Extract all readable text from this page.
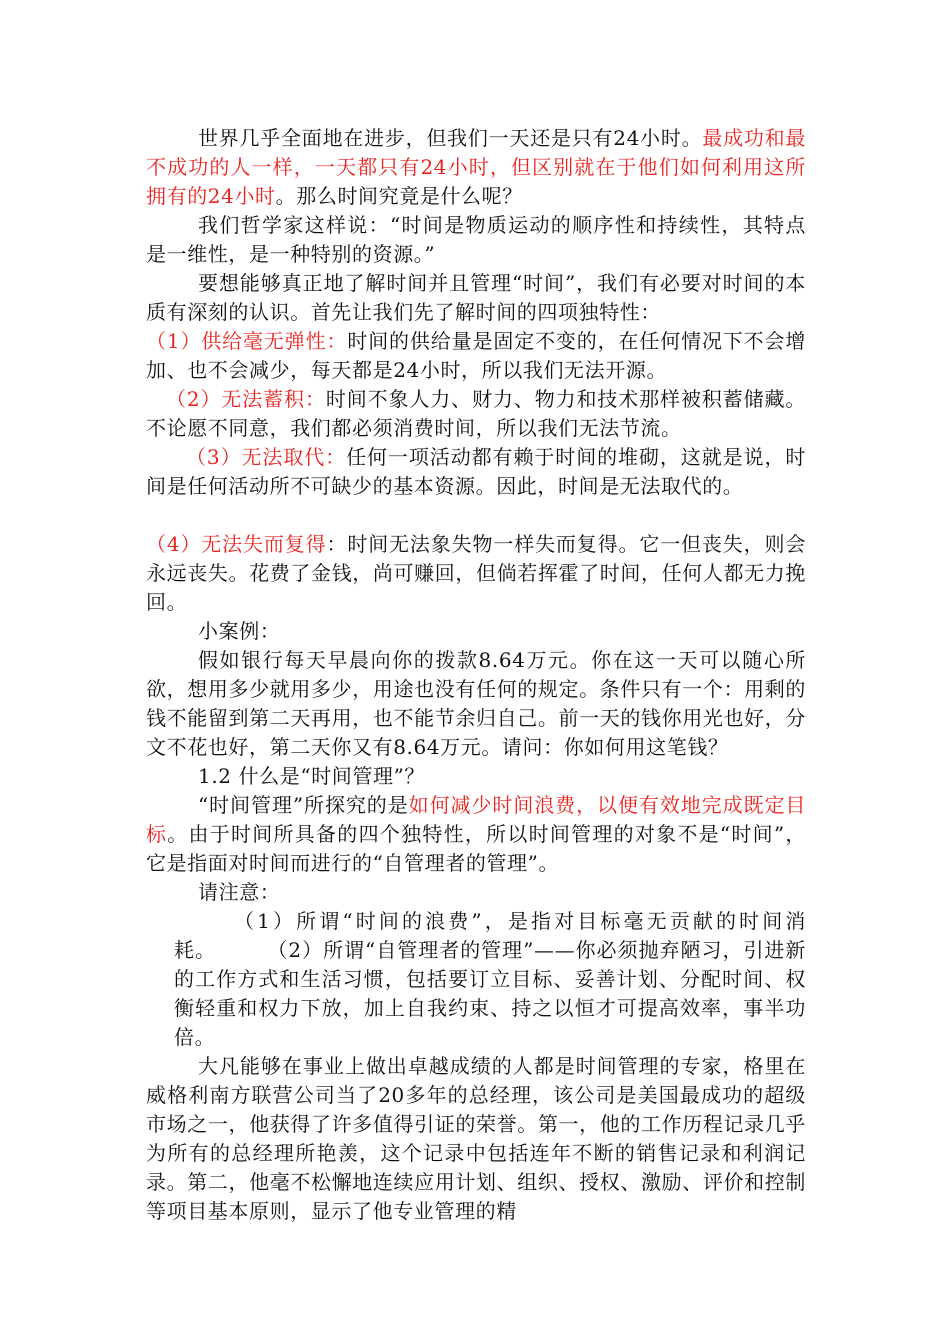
世界几乎全面地在进步，但我们一天还是只有24小时。最成功和最不成功的人一样，一天都只有24小时，但区别就在于他们如何利用这所拥有的24小时。那么时间究竟是什么呢？

我们哲学家这样说：“时间是物质运动的顺序性和持续性，其特点是一维性，是一种特别的资源。”

要想能够真正地了解时间并且管理“时间”，我们有必要对时间的本质有深刻的认识。首先让我们先了解时间的四项独特性：

（1）供给毫无弹性：时间的供给量是固定不变的，在任何情况下不会增加、也不会减少，每天都是24小时，所以我们无法开源。

（2）无法蓄积：时间不象人力、财力、物力和技术那样被积蓄储藏。不论愿不同意，我们都必须消费时间，所以我们无法节流。

（3）无法取代：任何一项活动都有赖于时间的堆砌，这就是说，时间是任何活动所不可缺少的基本资源。因此，时间是无法取代的。

（4）无法失而复得：时间无法象失物一样失而复得。它一但丧失，则会永远丧失。花费了金钱，尚可赚回，但倘若挥霍了时间，任何人都无力挽回。

小案例：

假如银行每天早晨向你的拨款8.64万元。你在这一天可以随心所欲，想用多少就用多少，用途也没有任何的规定。条件只有一个：用剩的钱不能留到第二天再用，也不能节余归自己。前一天的钱你用光也好，分文不花也好，第二天你又有8.64万元。请问：你如何用这笔钱？

1.2 什么是“时间管理”？

“时间管理”所探究的是如何减少时间浪费，以便有效地完成既定目标。由于时间所具备的四个独特性，所以时间管理的对象不是“时间”，它是指面对时间而进行的“自管理者的管理”。

请注意：

（1）所谓“时间的浪费”，是指对目标毫无贡献的时间消耗。	（2）所谓“自管理者的管理”——你必须抛弃陋习，引进新的工作方式和生活习惯，包括要订立目标、妥善计划、分配时间、权衡轻重和权力下放，加上自我约束、持之以恒才可提高效率，事半功倍。

大凡能够在事业上做出卓越成绩的人都是时间管理的专家，格里在威格利南方联营公司当了20多年的总经理，该公司是美国最成功的超级市场之一，他获得了许多值得引证的荣誉。第一，他的工作历程记录几乎为所有的总经理所艳羡，这个记录中包括连年不断的销售记录和利润记录。第二，他毫不松懈地连续应用计划、组织、授权、激励、评价和控制等项目基本原则，显示了他专业管理的精
